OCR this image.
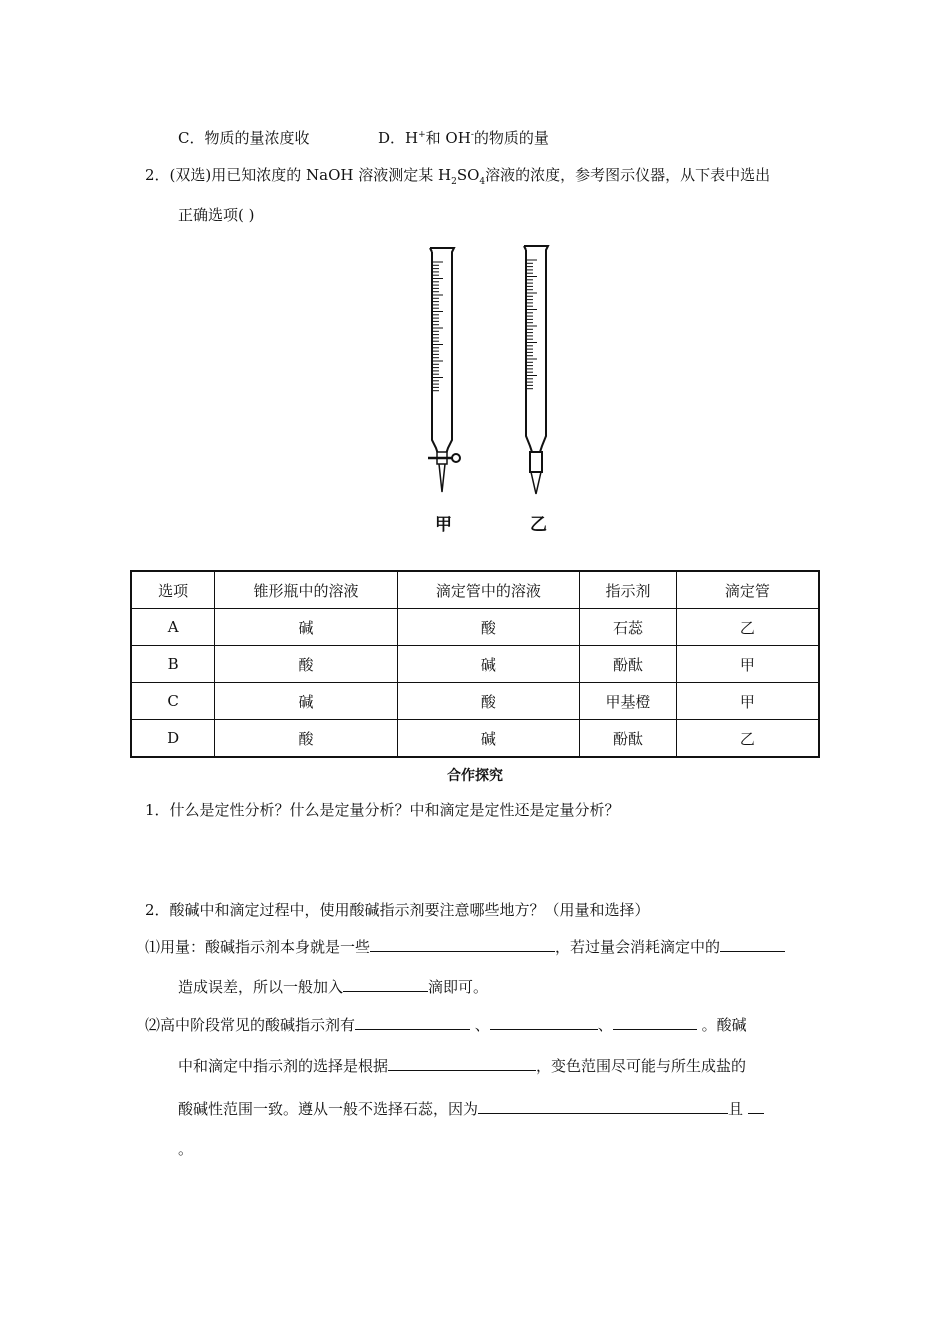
C．物质的量浓度收	D．H+和 OH-的物质的量
2．(双选)用已知浓度的 NaOH 溶液测定某 $H_2SO_4$溶液的浓度，参考图示仪器，从下表中选出
正确选项( )
甲	乙
选项	锥形瓶中的溶液	滴定管中的溶液	指示剂	滴定管
A	碱	酸	石蕊	乙
B	酸	碱	酚酞	甲
C	碱	酸	甲基橙	甲
D	酸	碱	酚酞	乙
合作探究
1．什么是定性分析？什么是定量分析？中和滴定是定性还是定量分析？
2．酸碱中和滴定过程中，使用酸碱指示剂要注意哪些地方？（用量和选择）
⑴用量：酸碱指示剂本身就是一些	，若过量会消耗滴定中的
造成误差，所以一般加入	滴即可。
⑵高中阶段常见的酸碱指示剂有	、	、	。酸碱
中和滴定中指示剂的选择是根据	，变色范围尽可能与所生成盐的
酸碱性范围一致。遵从一般不选择石蕊，因为	且
。
